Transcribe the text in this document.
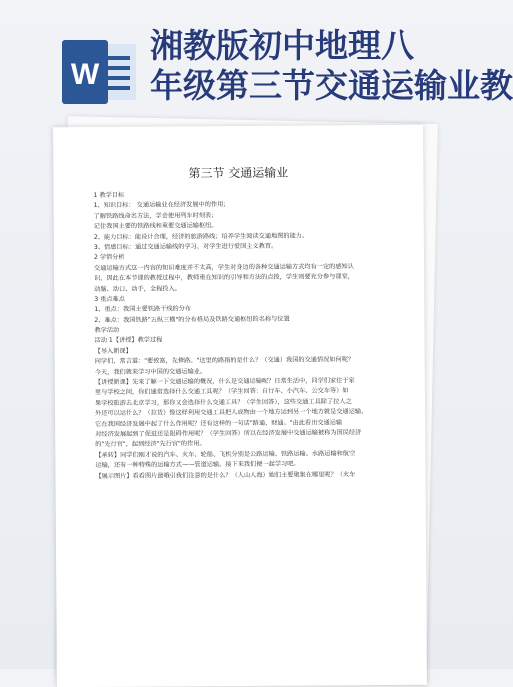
W
湘教版初中地理八
年级第三节交通运输业教
第三节 交通运输业
1 教学目标
1、知识目标： 交通运输业在经济发展中的作用；
了解铁路线命名方法，学会使用列车时刻表；
记住我国主要的铁路线和重要交通运输枢纽。
2、能力目标：能设计合理，经济的旅游路线；培养学生阅读交通地图的能力。
3、情感目标：通过交通运输线的学习，对学生进行爱国主义教育。
2 学情分析
交通运输方式这一内容的知识难度并不太高，学生对身边的各种交通运输方式均有一定的感知认
识，因此在本节课的教授过程中，教师重在知识的引导和方法的点拨，学生则要充分参与课堂，
动脑、动口、动手，全程投入。
3 重点难点
1、重点：我国主要铁路干线的分布
2、难点：我国铁路"五纵三横"的分布格局及铁路交通枢纽的名称与位置
教学活动
活动 1【讲授】教学过程
【导入新课】
同学们，常言道："要致富，先修路。"这里的路指的是什么？（交通）我国的交通情况如何呢？
今天，我们就来学习中国的交通运输业。
【讲授新课】先来了解一下交通运输的概况，什么是交通运输呢？日常生活中，同学们家住于家
里与学校之间，你们通常选择什么交通工具呢？（学生回答：自行车、小汽车、公交车等）如
果学校旅游去北京学习，那你又会选择什么交通工具？（学生回答），这些交通工具除了拉人之
外还可以运什么？（拉货）像这样利用交通工具把人或物由一个地方运到另一个地方就是交通运输，
它在我国经济发展中起了什么作用呢？还有这样的一句话"路通、财通。"由此看出交通运输
对经济发展起到了促进还是阻碍作用呢？（学生回答）所以在经济发展中交通运输被称为国民经济
的"先行官"，起到经济"先行官"的作用。
【承转】同学们刚才说的汽车、火车、轮船、飞机分别是公路运输、铁路运输、水路运输和航空
运输，还有一种特殊的运输方式——管道运输。接下来我们便一起学习吧。
【展示图片】看看图片最哦引我们注意的是什么？（人山人海）她们主要聚集在哪里呢？（火车
